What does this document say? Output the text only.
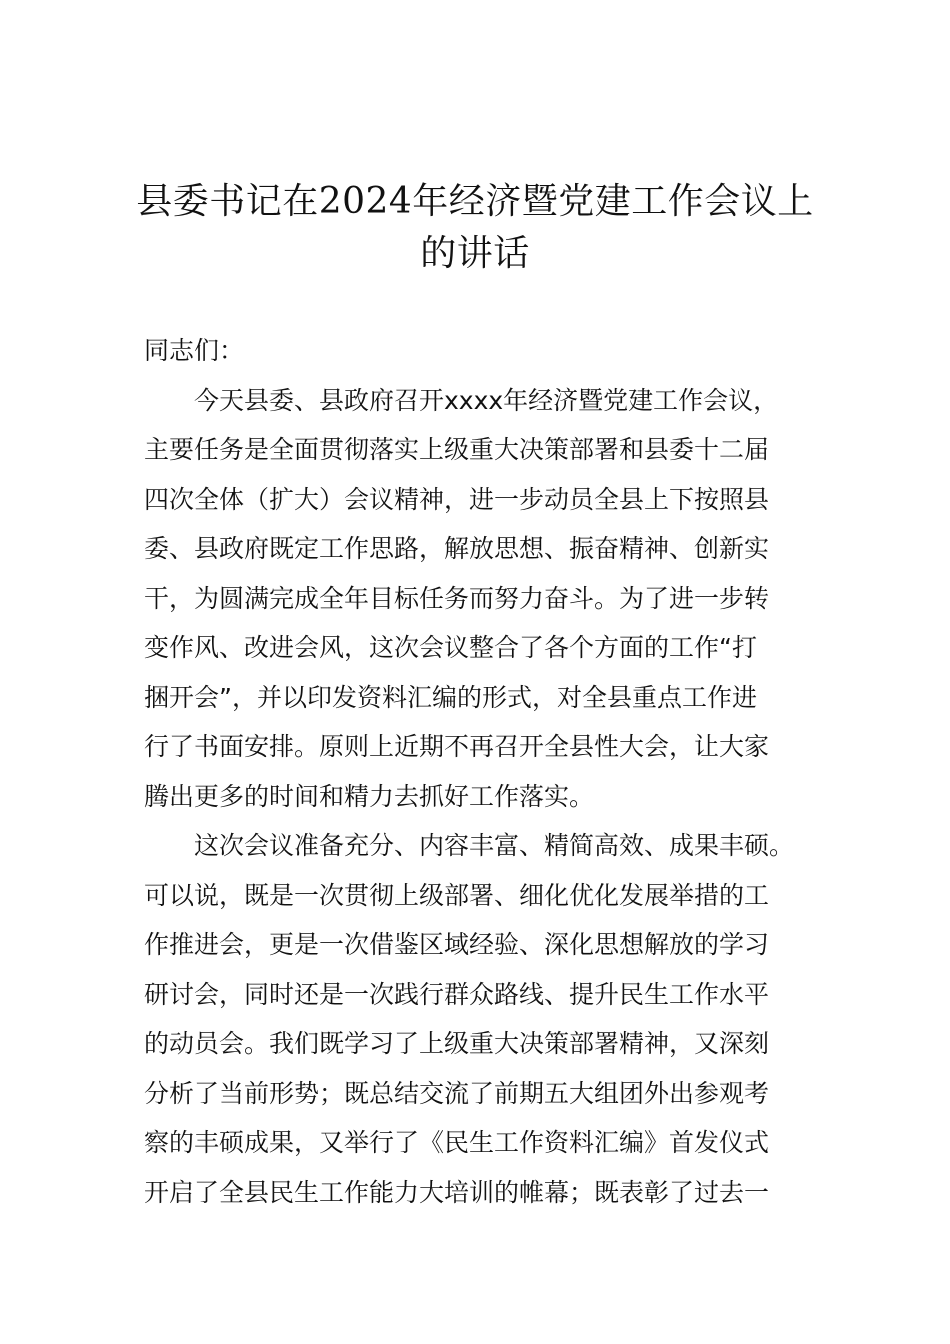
县委书记在2024年经济暨党建工作会议上
的讲话
同志们：
今天县委、县政府召开xxxx年经济暨党建工作会议，
主要任务是全面贯彻落实上级重大决策部署和县委十二届
四次全体（扩大）会议精神，进一步动员全县上下按照县
委、县政府既定工作思路，解放思想、振奋精神、创新实
干，为圆满完成全年目标任务而努力奋斗。为了进一步转
变作风、改进会风，这次会议整合了各个方面的工作“打
捆开会”，并以印发资料汇编的形式，对全县重点工作进
行了书面安排。原则上近期不再召开全县性大会，让大家
腾出更多的时间和精力去抓好工作落实。
这次会议准备充分、内容丰富、精简高效、成果丰硕。
可以说，既是一次贯彻上级部署、细化优化发展举措的工
作推进会，更是一次借鉴区域经验、深化思想解放的学习
研讨会，同时还是一次践行群众路线、提升民生工作水平
的动员会。我们既学习了上级重大决策部署精神，又深刻
分析了当前形势；既总结交流了前期五大组团外出参观考
察的丰硕成果，又举行了《民生工作资料汇编》首发仪式
开启了全县民生工作能力大培训的帷幕；既表彰了过去一
